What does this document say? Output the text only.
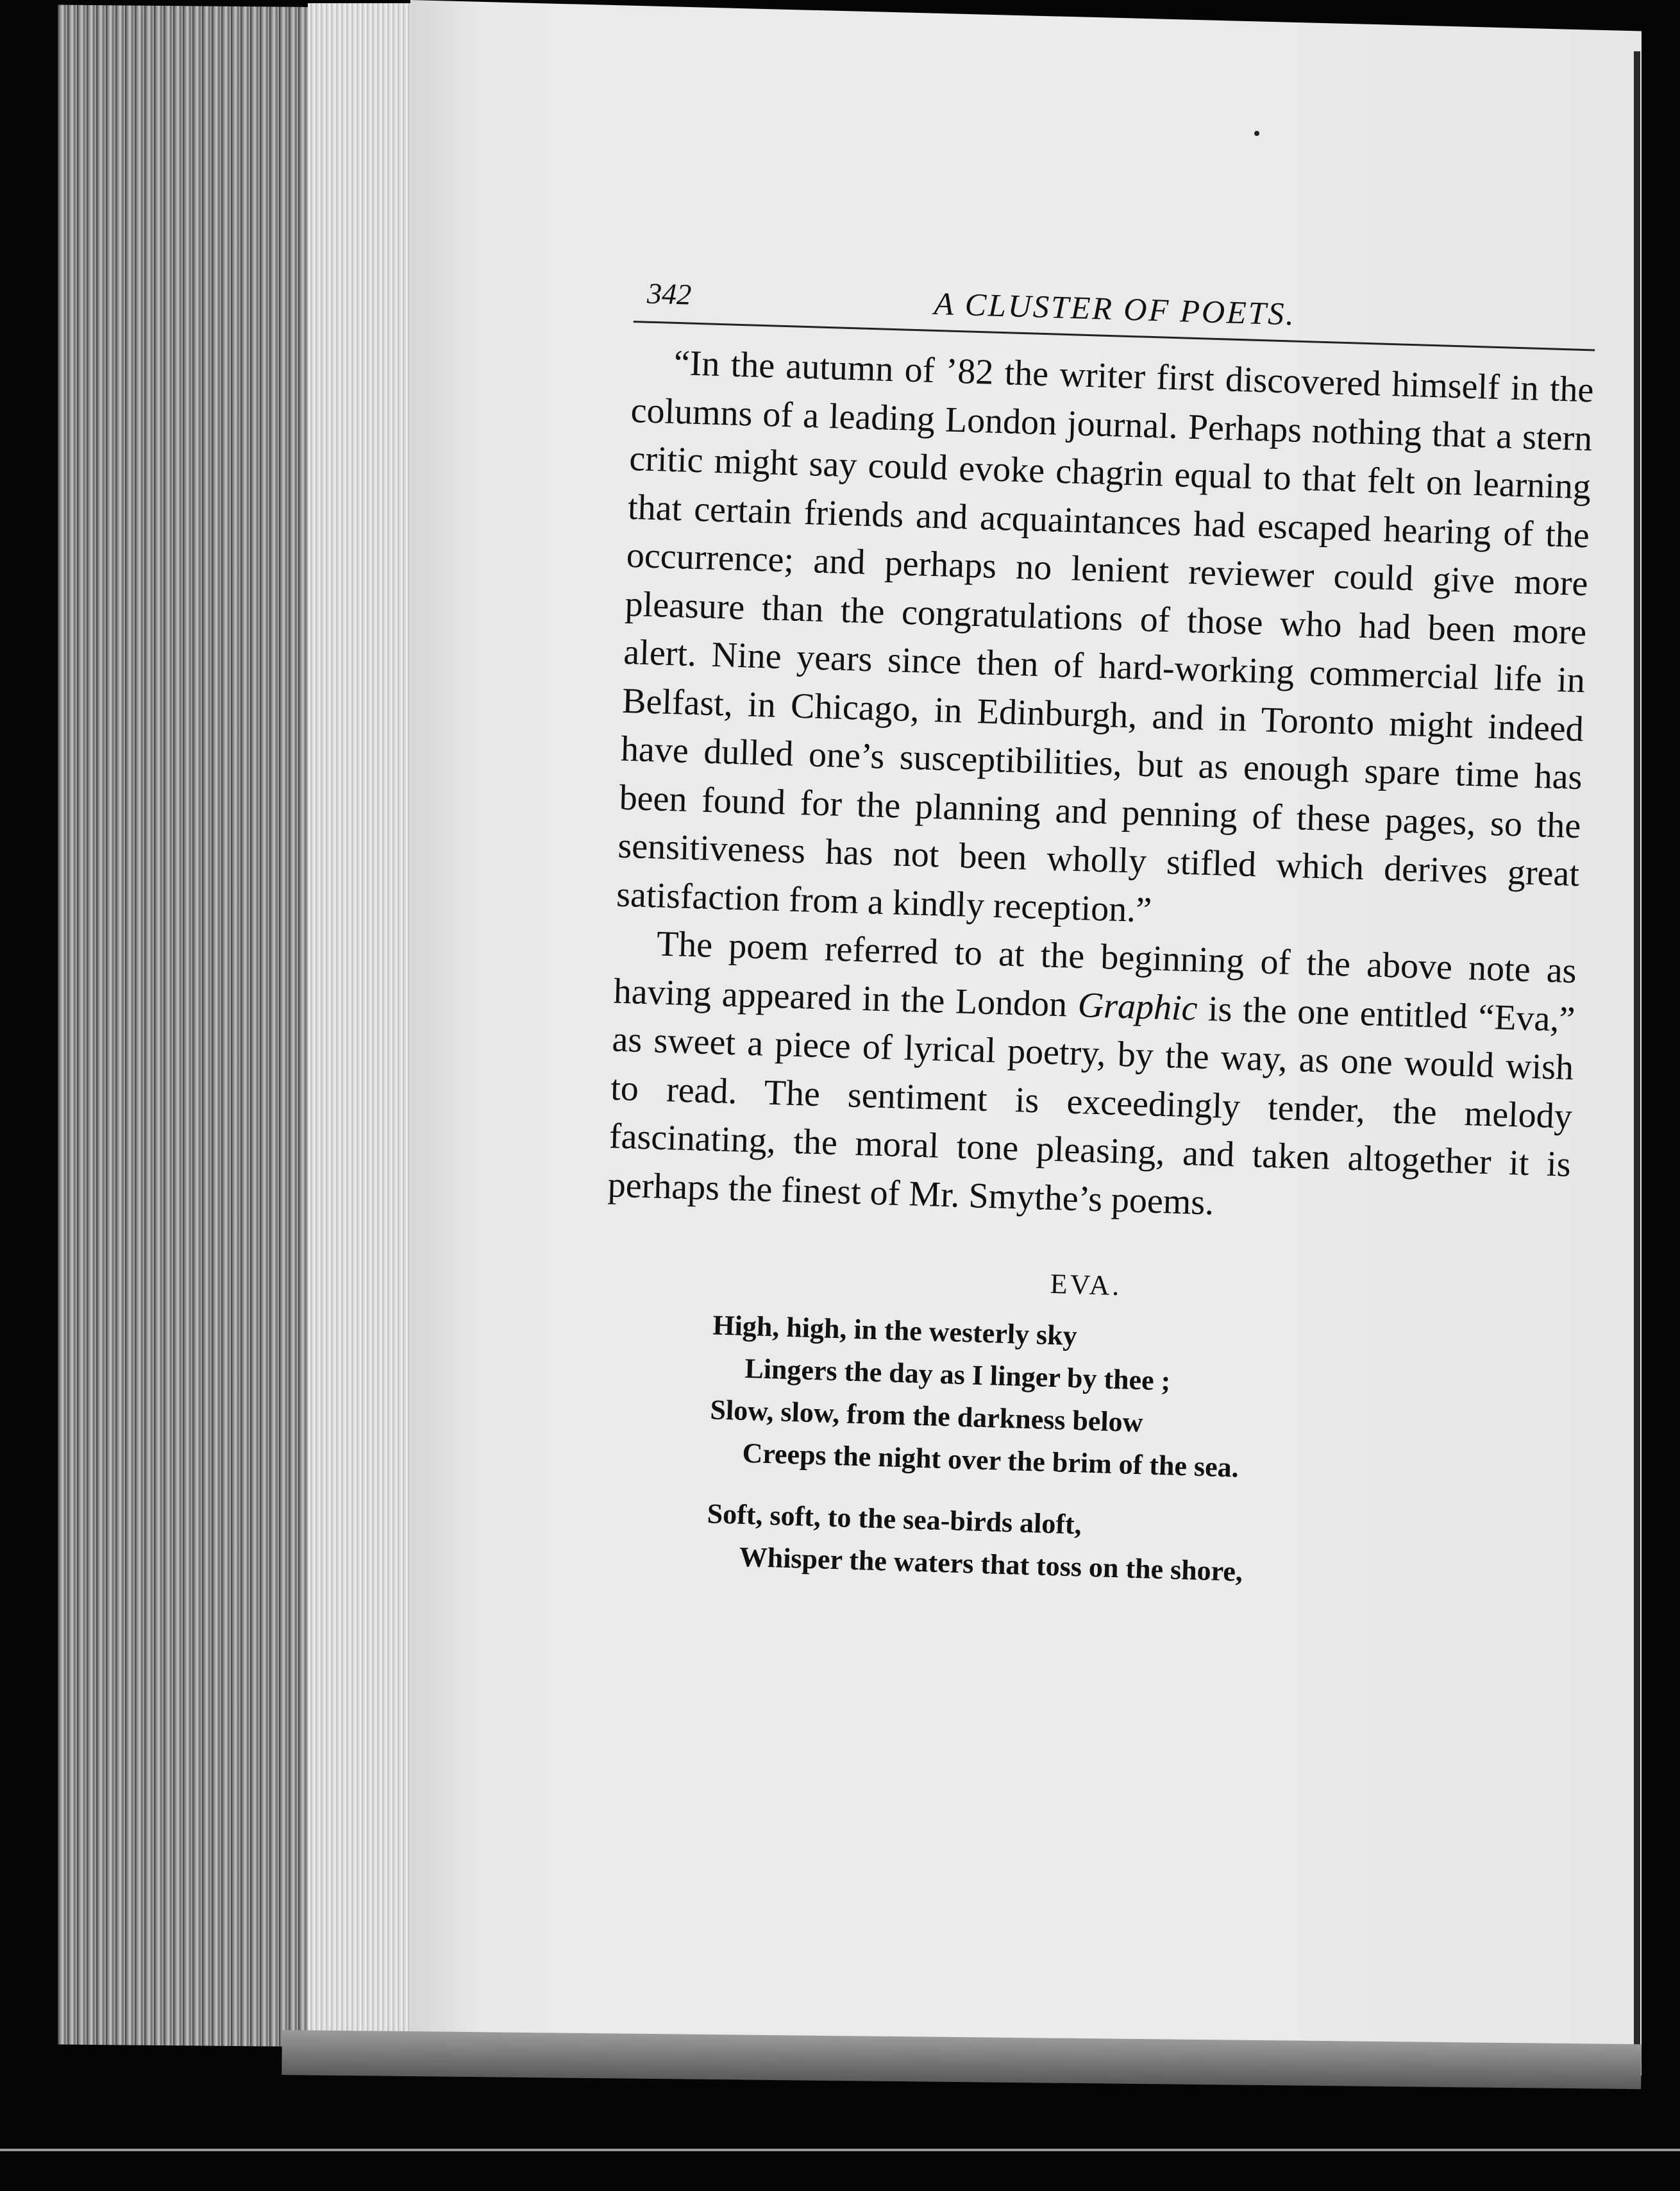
342	A CLUSTER OF POETS.

“In the autumn of ’82 the writer first discovered himself in the columns of a leading London journal. Perhaps nothing that a stern critic might say could evoke chagrin equal to that felt on learning that certain friends and acquaintances had escaped hearing of the occurrence; and perhaps no lenient reviewer could give more pleasure than the congratulations of those who had been more alert. Nine years since then of hard-working commercial life in Belfast, in Chicago, in Edinburgh, and in Toronto might indeed have dulled one’s susceptibilities, but as enough spare time has been found for the planning and penning of these pages, so the sensitiveness has not been wholly stifled which derives great satisfaction from a kindly reception.”

The poem referred to at the beginning of the above note as having appeared in the London Graphic is the one entitled “Eva,” as sweet a piece of lyrical poetry, by the way, as one would wish to read. The sentiment is exceedingly tender, the melody fascinating, the moral tone pleasing, and taken altogether it is perhaps the finest of Mr. Smythe’s poems.

EVA.
High, high, in the westerly sky
Lingers the day as I linger by thee ;
Slow, slow, from the darkness below
Creeps the night over the brim of the sea.
Soft, soft, to the sea-birds aloft,
Whisper the waters that toss on the shore,
